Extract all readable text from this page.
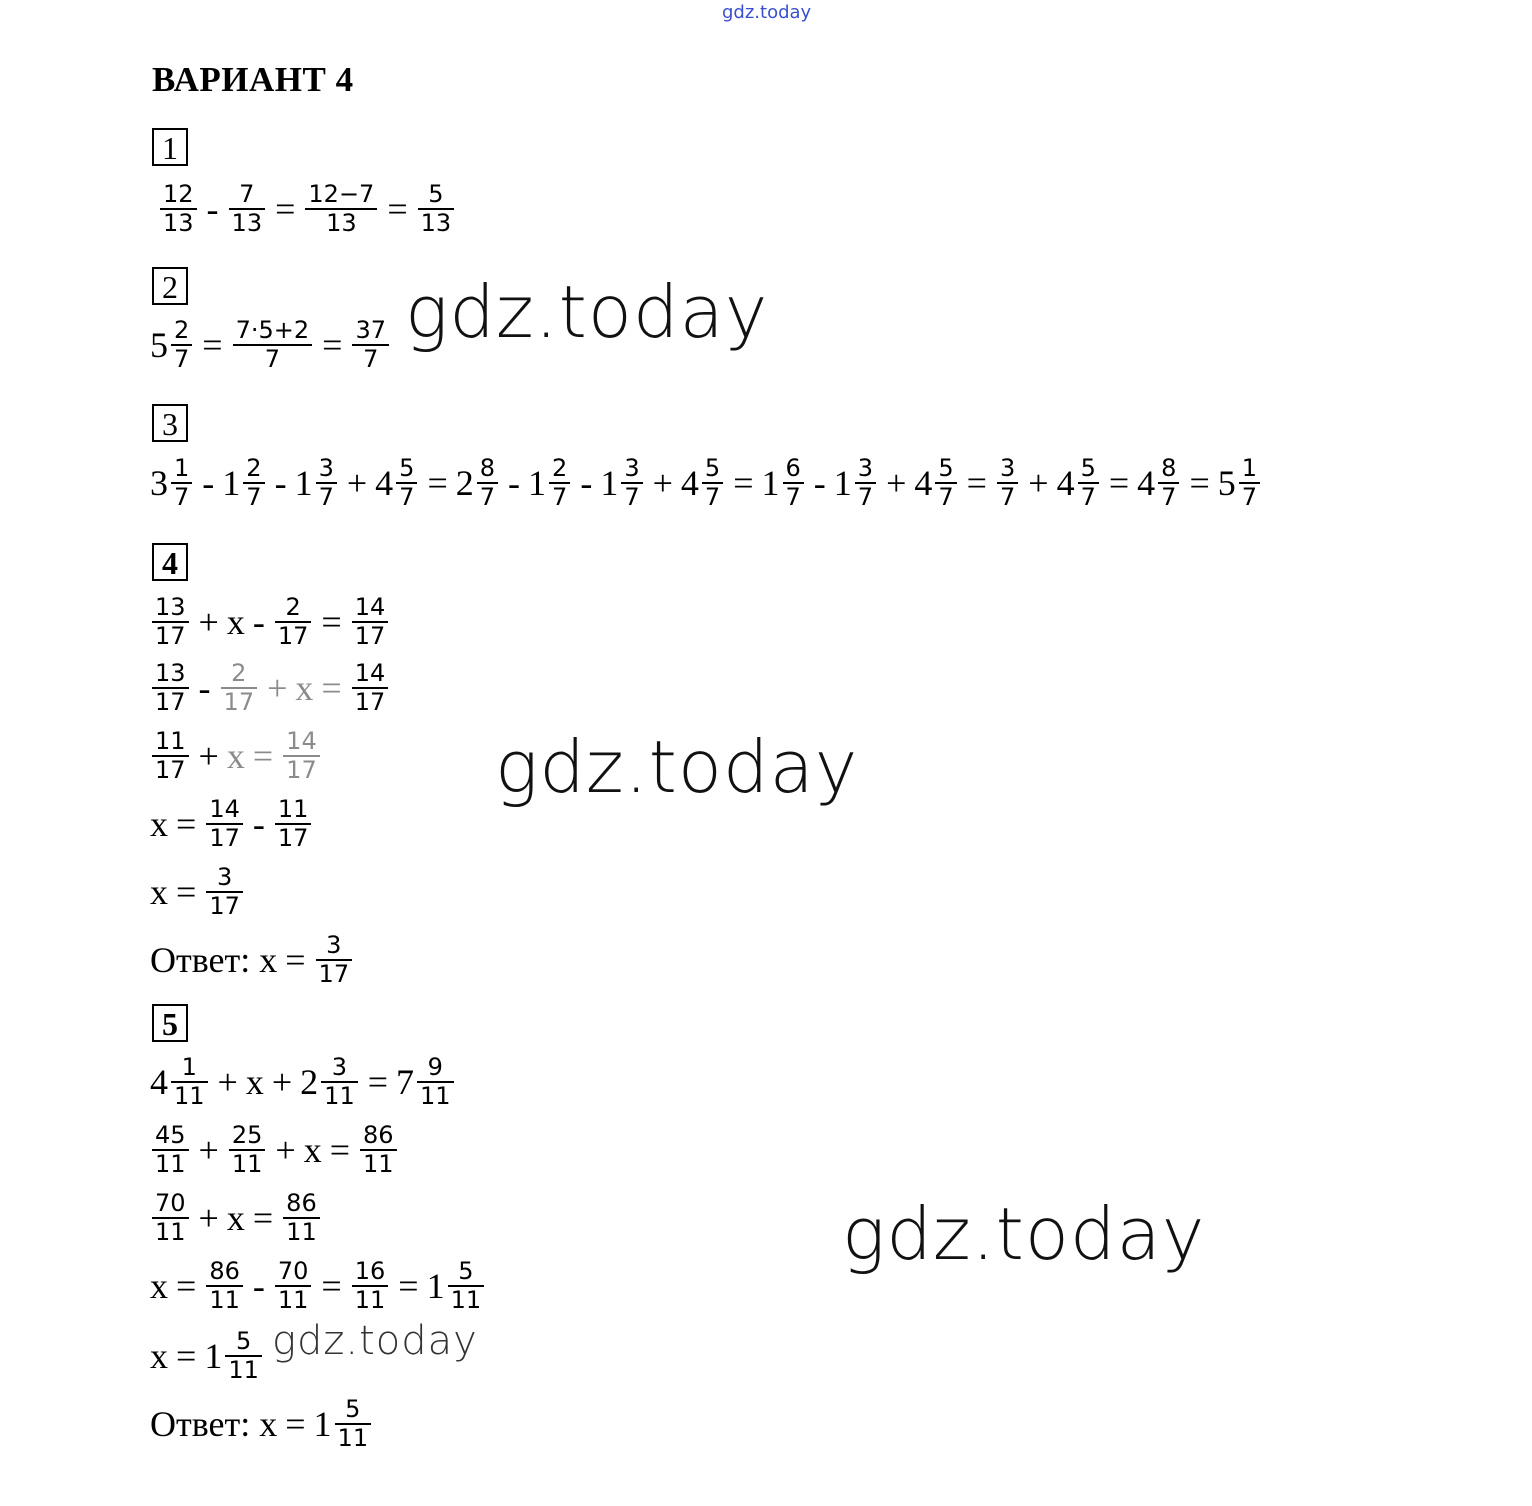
gdz.today
ВАРИАНТ 4
1
2
3
4
5
$\frac{12}{13} - \frac{7}{13} = \frac{12-7}{13} = \frac{5}{13}$
$5 \frac{2}{7} = \frac{7\cdot 5+2}{7} = \frac{37}{7}$
$3 \frac{1}{7} - 1 \frac{2}{7} - 1 \frac{3}{7} + 4 \frac{5}{7} = 2 \frac{8}{7} - 1 \frac{2}{7} - 1 \frac{3}{7} + 4 \frac{5}{7} = 1 \frac{6}{7} - 1 \frac{3}{7} + 4 \frac{5}{7} = \frac{3}{7} + 4 \frac{5}{7} = 4 \frac{8}{7} = 5 \frac{1}{7}$
$\frac{13}{17} + x - \frac{2}{17} = \frac{14}{17}$
$\frac{13}{17} - \frac{2}{17} + x = \frac{14}{17}$
$\frac{11}{17} + x = \frac{14}{17}$
$x = \frac{14}{17} - \frac{11}{17}$
$x = \frac{3}{17}$
Ответ:
$x = \frac{3}{17}$
$4 \frac{1}{11} + x + 2 \frac{3}{11} = 7 \frac{9}{11}$
$\frac{45}{11} + \frac{25}{11} + x = \frac{86}{11}$
$\frac{70}{11} + x = \frac{86}{11}$
$x = \frac{86}{11} - \frac{70}{11} = \frac{16}{11} = 1 \frac{5}{11}$
$x = 1 \frac{5}{11}$
Ответ:
$x = 1 \frac{5}{11}$
gdz.today
gdz.today
gdz.today
gdz.today
